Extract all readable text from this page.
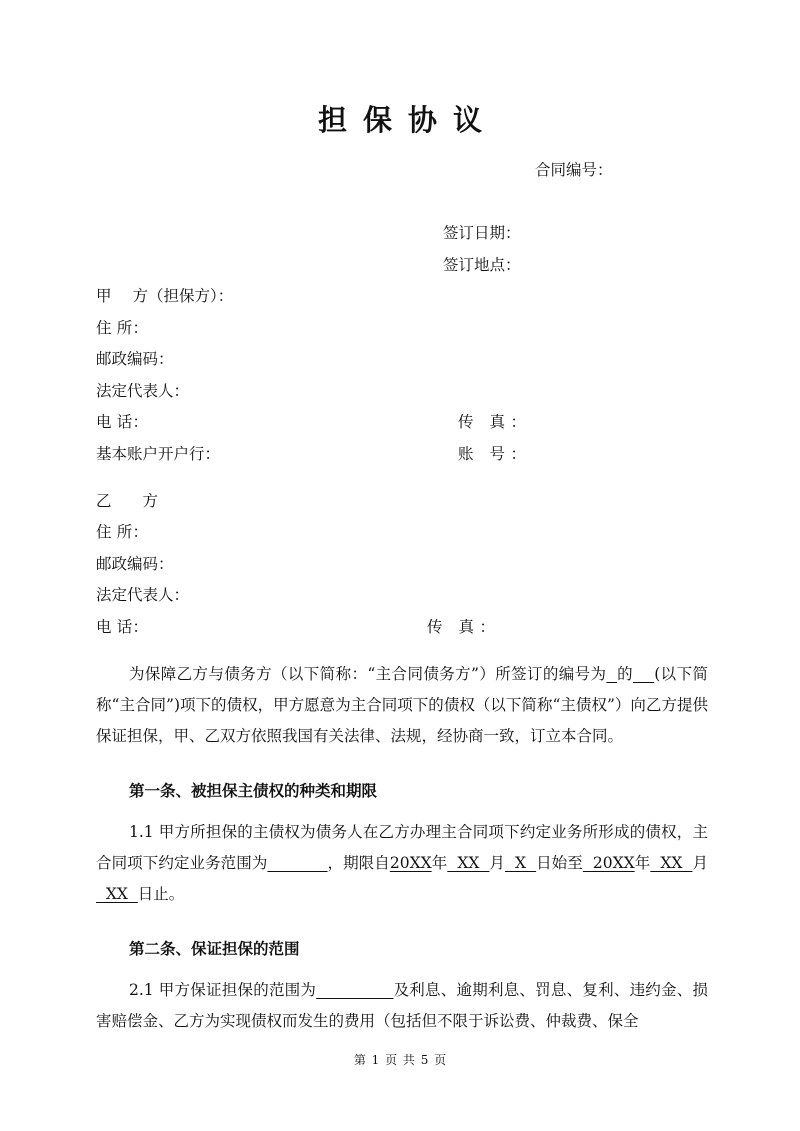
担保协议
合同编号：
签订日期：
签订地点：
甲 方（担保方）：
住 所：
邮政编码：
法定代表人：
电 话：	传 真：
基本账户开户行：	账 号：
乙 方
住 所：
邮政编码：
法定代表人：
电 话：	传 真：
为保障乙方与债务方（以下简称：“主合同债务方”）所签订的编号为 的 (以下简称“主合同”)项下的债权，甲方愿意为主合同项下的债权（以下简称“主债权”）向乙方提供保证担保，甲、乙双方依照我国有关法律、法规，经协商一致，订立本合同。
第一条、被担保主债权的种类和期限
1.1 甲方所担保的主债权为债务人在乙方办理主合同项下约定业务所形成的债权，主合同项下约定业务范围为	，期限自20XX年  XX  月  X  日始至  20XX年  XX  月  XX  日止。
第二条、保证担保的范围
2.1 甲方保证担保的范围为	及利息、逾期利息、罚息、复利、违约金、损害赔偿金、乙方为实现债权而发生的费用（包括但不限于诉讼费、仲裁费、保全
第 1 页 共 5 页
